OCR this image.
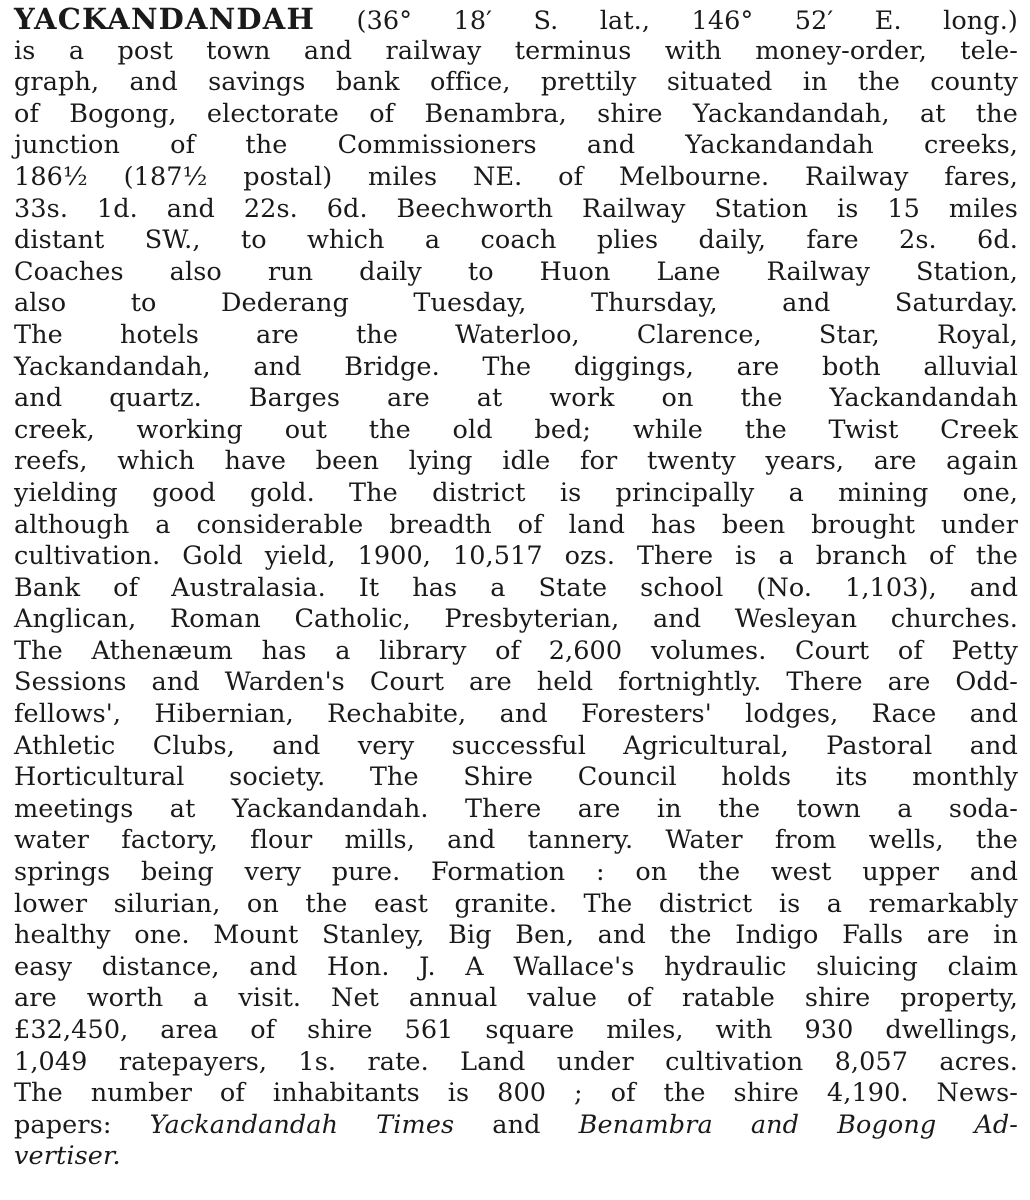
YACKANDANDAH (36° 18′ S. lat., 146° 52′ E. long.)
is a post town and railway terminus with money-order, tele-
graph, and savings bank office, prettily situated in the county
of Bogong, electorate of Benambra, shire Yackandandah, at the
junction of the Commissioners and Yackandandah creeks,
186½ (187½ postal) miles NE. of Melbourne. Railway fares,
33s. 1d. and 22s. 6d. Beechworth Railway Station is 15 miles
distant SW., to which a coach plies daily, fare 2s. 6d.
Coaches also run daily to Huon Lane Railway Station,
also to Dederang Tuesday, Thursday, and Saturday.
The hotels are the Waterloo, Clarence, Star, Royal,
Yackandandah, and Bridge. The diggings, are both alluvial
and quartz. Barges are at work on the Yackandandah
creek, working out the old bed; while the Twist Creek
reefs, which have been lying idle for twenty years, are again
yielding good gold. The district is principally a mining one,
although a considerable breadth of land has been brought under
cultivation. Gold yield, 1900, 10,517 ozs. There is a branch of the
Bank of Australasia. It has a State school (No. 1,103), and
Anglican, Roman Catholic, Presbyterian, and Wesleyan churches.
The Athenæum has a library of 2,600 volumes. Court of Petty
Sessions and Warden's Court are held fortnightly. There are Odd-
fellows', Hibernian, Rechabite, and Foresters' lodges, Race and
Athletic Clubs, and very successful Agricultural, Pastoral and
Horticultural society. The Shire Council holds its monthly
meetings at Yackandandah. There are in the town a soda-
water factory, flour mills, and tannery. Water from wells, the
springs being very pure. Formation : on the west upper and
lower silurian, on the east granite. The district is a remarkably
healthy one. Mount Stanley, Big Ben, and the Indigo Falls are in
easy distance, and Hon. J. A Wallace's hydraulic sluicing claim
are worth a visit. Net annual value of ratable shire property,
£32,450, area of shire 561 square miles, with 930 dwellings,
1,049 ratepayers, 1s. rate. Land under cultivation 8,057 acres.
The number of inhabitants is 800 ; of the shire 4,190. News-
papers: Yackandandah Times and Benambra and Bogong Ad-
vertiser.
